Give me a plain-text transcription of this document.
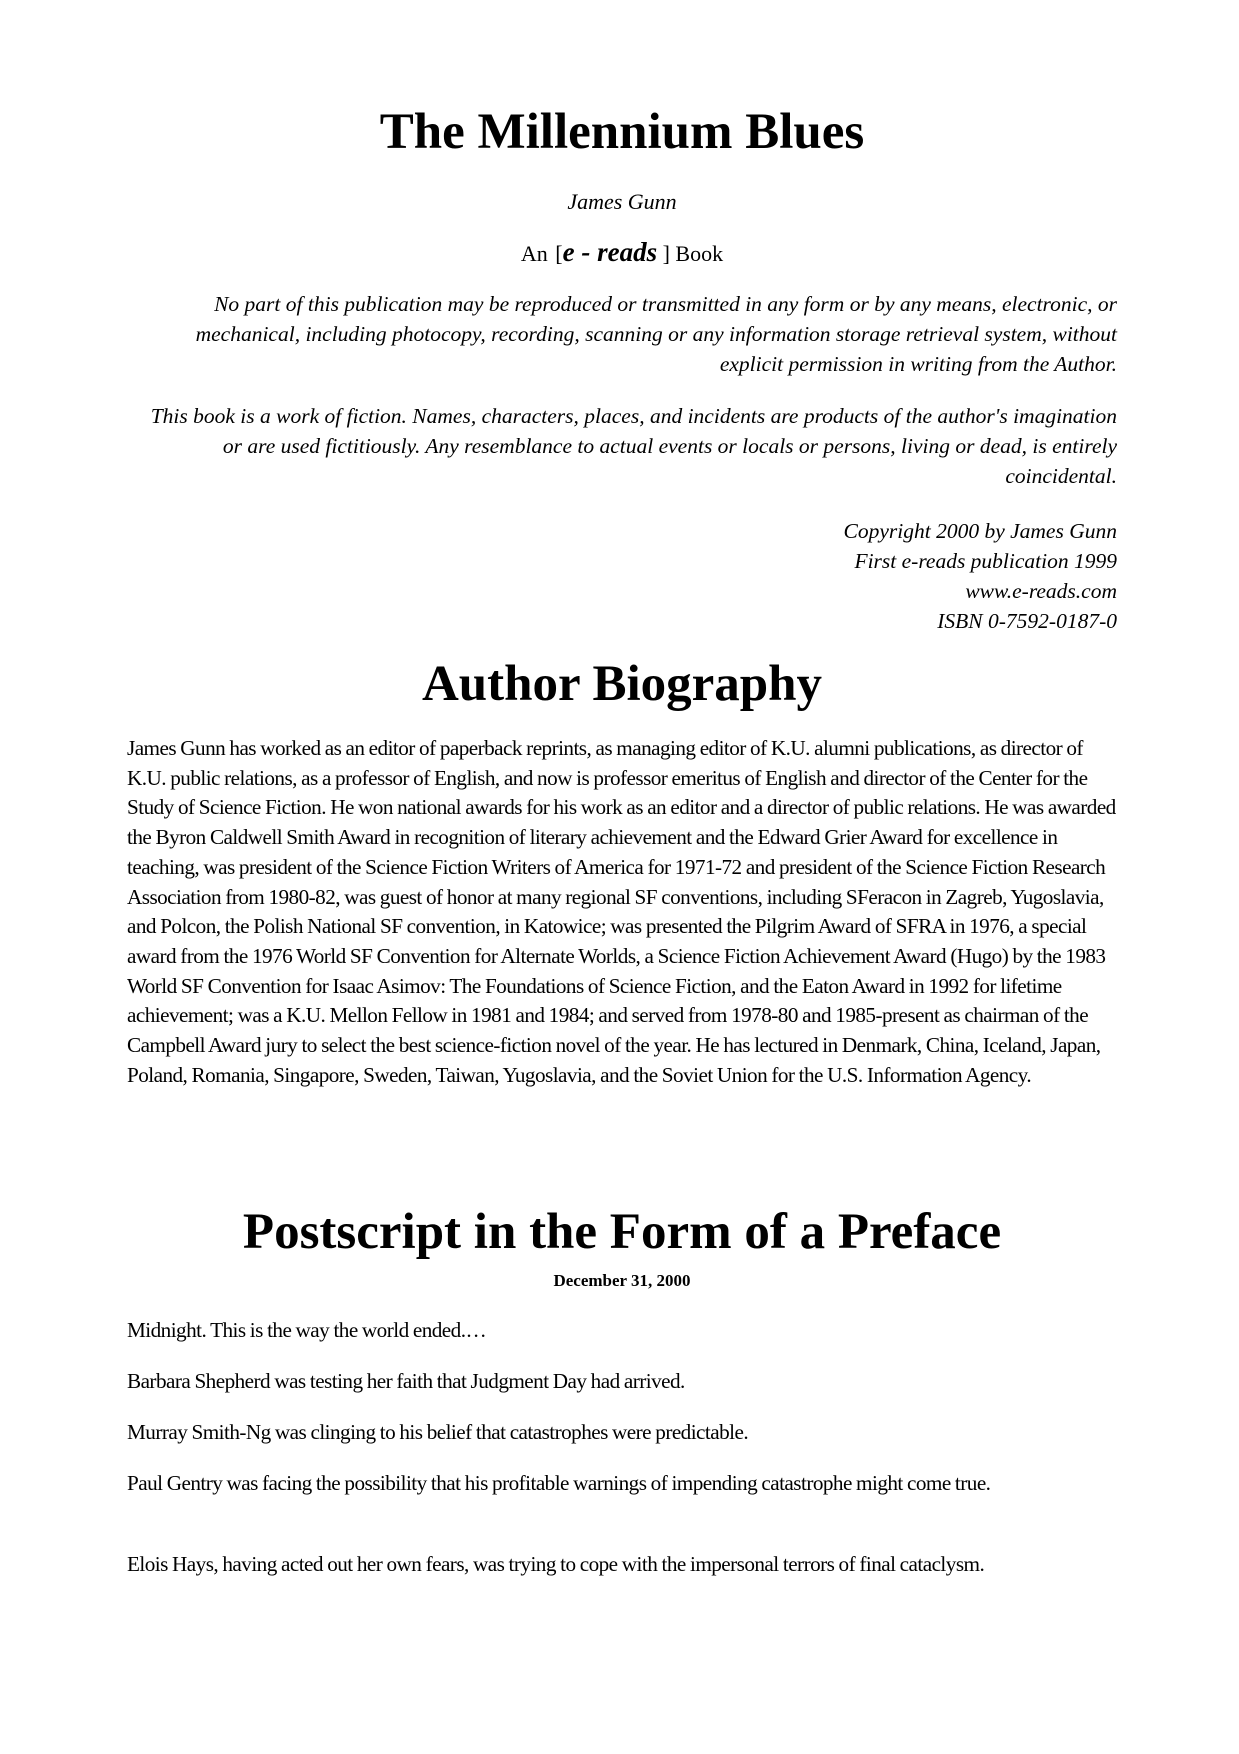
The Millennium Blues
James Gunn
An [e - reads ] Book
No part of this publication may be reproduced or transmitted in any form or by any means, electronic, or mechanical, including photocopy, recording, scanning or any information storage retrieval system, without explicit permission in writing from the Author.
This book is a work of fiction. Names, characters, places, and incidents are products of the author's imagination or are used fictitiously. Any resemblance to actual events or locals or persons, living or dead, is entirely coincidental.
Copyright 2000 by James Gunn
First e-reads publication 1999
www.e-reads.com
ISBN 0-7592-0187-0
Author Biography
James Gunn has worked as an editor of paperback reprints, as managing editor of K.U. alumni publications, as director of K.U. public relations, as a professor of English, and now is professor emeritus of English and director of the Center for the Study of Science Fiction. He won national awards for his work as an editor and a director of public relations. He was awarded the Byron Caldwell Smith Award in recognition of literary achievement and the Edward Grier Award for excellence in teaching, was president of the Science Fiction Writers of America for 1971-72 and president of the Science Fiction Research Association from 1980-82, was guest of honor at many regional SF conventions, including SFeracon in Zagreb, Yugoslavia, and Polcon, the Polish National SF convention, in Katowice; was presented the Pilgrim Award of SFRA in 1976, a special award from the 1976 World SF Convention for Alternate Worlds, a Science Fiction Achievement Award (Hugo) by the 1983 World SF Convention for Isaac Asimov: The Foundations of Science Fiction, and the Eaton Award in 1992 for lifetime achievement; was a K.U. Mellon Fellow in 1981 and 1984; and served from 1978-80 and 1985-present as chairman of the Campbell Award jury to select the best science-fiction novel of the year. He has lectured in Denmark, China, Iceland, Japan, Poland, Romania, Singapore, Sweden, Taiwan, Yugoslavia, and the Soviet Union for the U.S. Information Agency.
Postscript in the Form of a Preface
December 31, 2000
Midnight. This is the way the world ended.…
Barbara Shepherd was testing her faith that Judgment Day had arrived.
Murray Smith-Ng was clinging to his belief that catastrophes were predictable.
Paul Gentry was facing the possibility that his profitable warnings of impending catastrophe might come true.
Elois Hays, having acted out her own fears, was trying to cope with the impersonal terrors of final cataclysm.
